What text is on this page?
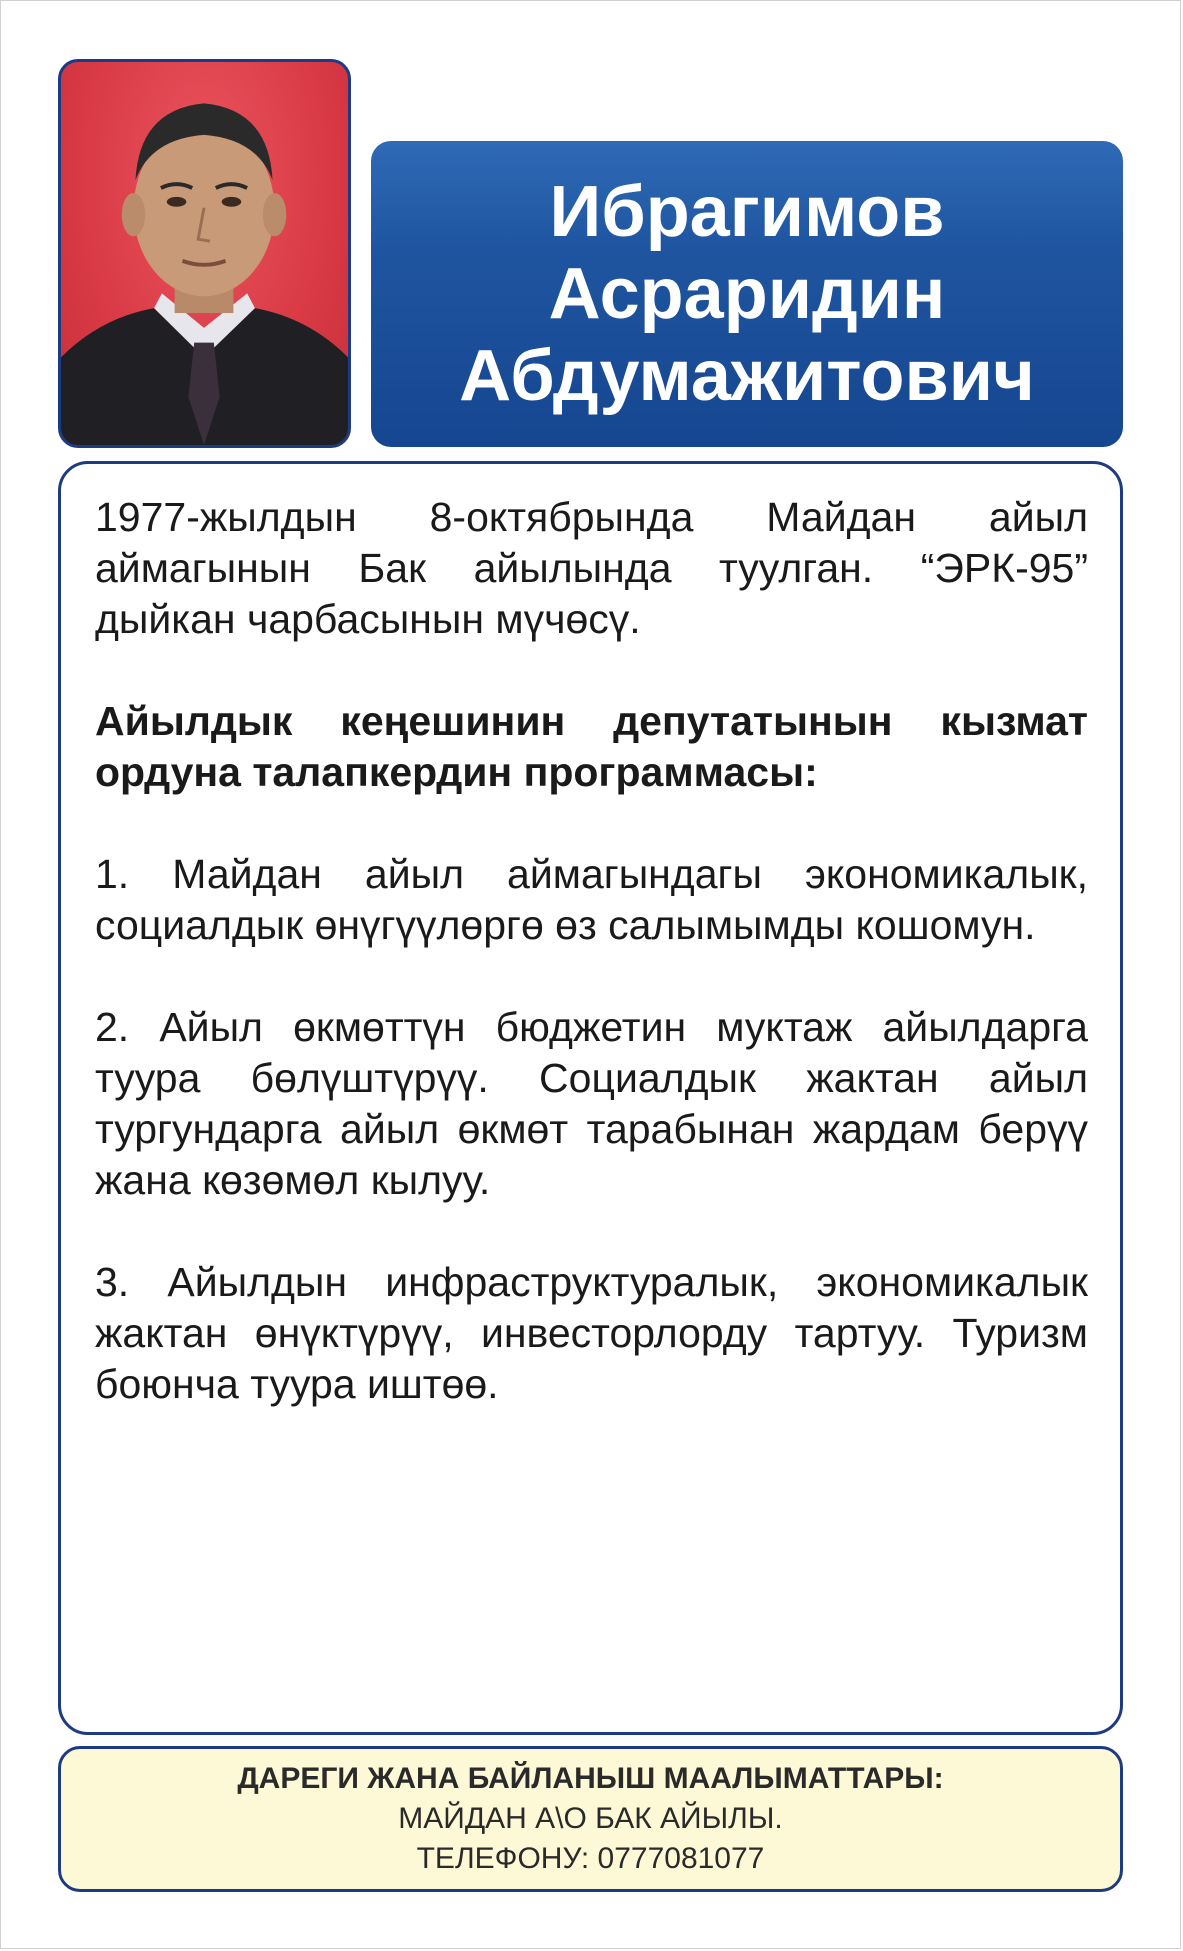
Ибрагимов
Асраридин
Абдумажитович

1977-жылдын 8-октябрында Майдан айыл аймагынын Бак айылында туулган. “ЭРК-95” дыйкан чарбасынын мүчөсү.

Айылдык кеңешинин депутатынын кызмат ордуна талапкердин программасы:

1. Майдан айыл аймагындагы экономикалык, социалдык өнүгүүлөргө өз салымымды кошомун.

2. Айыл өкмөттүн бюджетин муктаж айылдарга туура бөлүштүрүү. Социалдык жактан айыл тургундарга айыл өкмөт тарабынан жардам берүү жана көзөмөл кылуу.

3. Айылдын инфраструктуралык, экономикалык жактан өнүктүрүү, инвесторлорду тартуу. Туризм боюнча туура иштөө.

ДАРЕГИ ЖАНА БАЙЛАНЫШ МААЛЫМАТТАРЫ:
МАЙДАН А\О БАК АЙЫЛЫ.
ТЕЛЕФОНУ: 0777081077
